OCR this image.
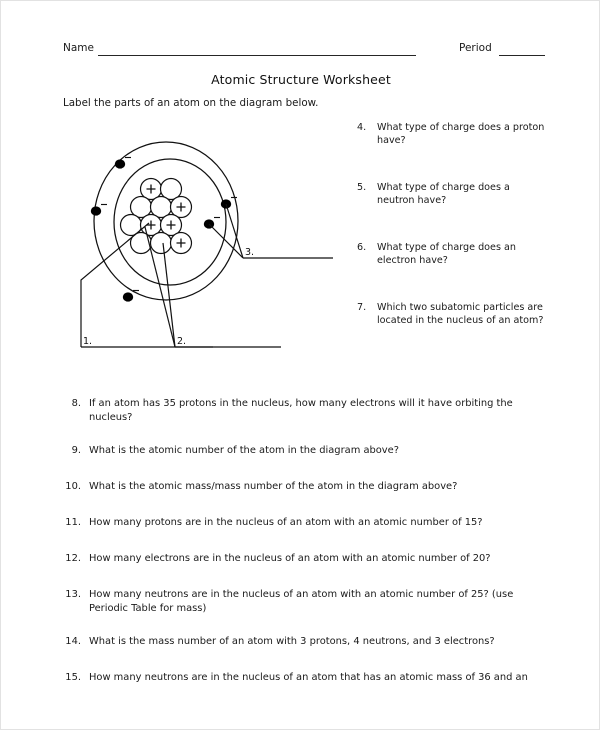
Name	Period
Atomic Structure Worksheet
Label the parts of an atom on the diagram below.
1.	2.
3.
4.	What type of charge does a proton have?
5.	What type of charge does a neutron have?
6.	What type of charge does an electron have?
7.	Which two subatomic particles are located in the nucleus of an atom?
8. If an atom has 35 protons in the nucleus, how many electrons will it have orbiting the nucleus?
9. What is the atomic number of the atom in the diagram above?
10. What is the atomic mass/mass number of the atom in the diagram above?
11. How many protons are in the nucleus of an atom with an atomic number of 15?
12. How many electrons are in the nucleus of an atom with an atomic number of 20?
13. How many neutrons are in the nucleus of an atom with an atomic number of 25? (use Periodic Table for mass)
14. What is the mass number of an atom with 3 protons, 4 neutrons, and 3 electrons?
15. How many neutrons are in the nucleus of an atom that has an atomic mass of 36 and an
